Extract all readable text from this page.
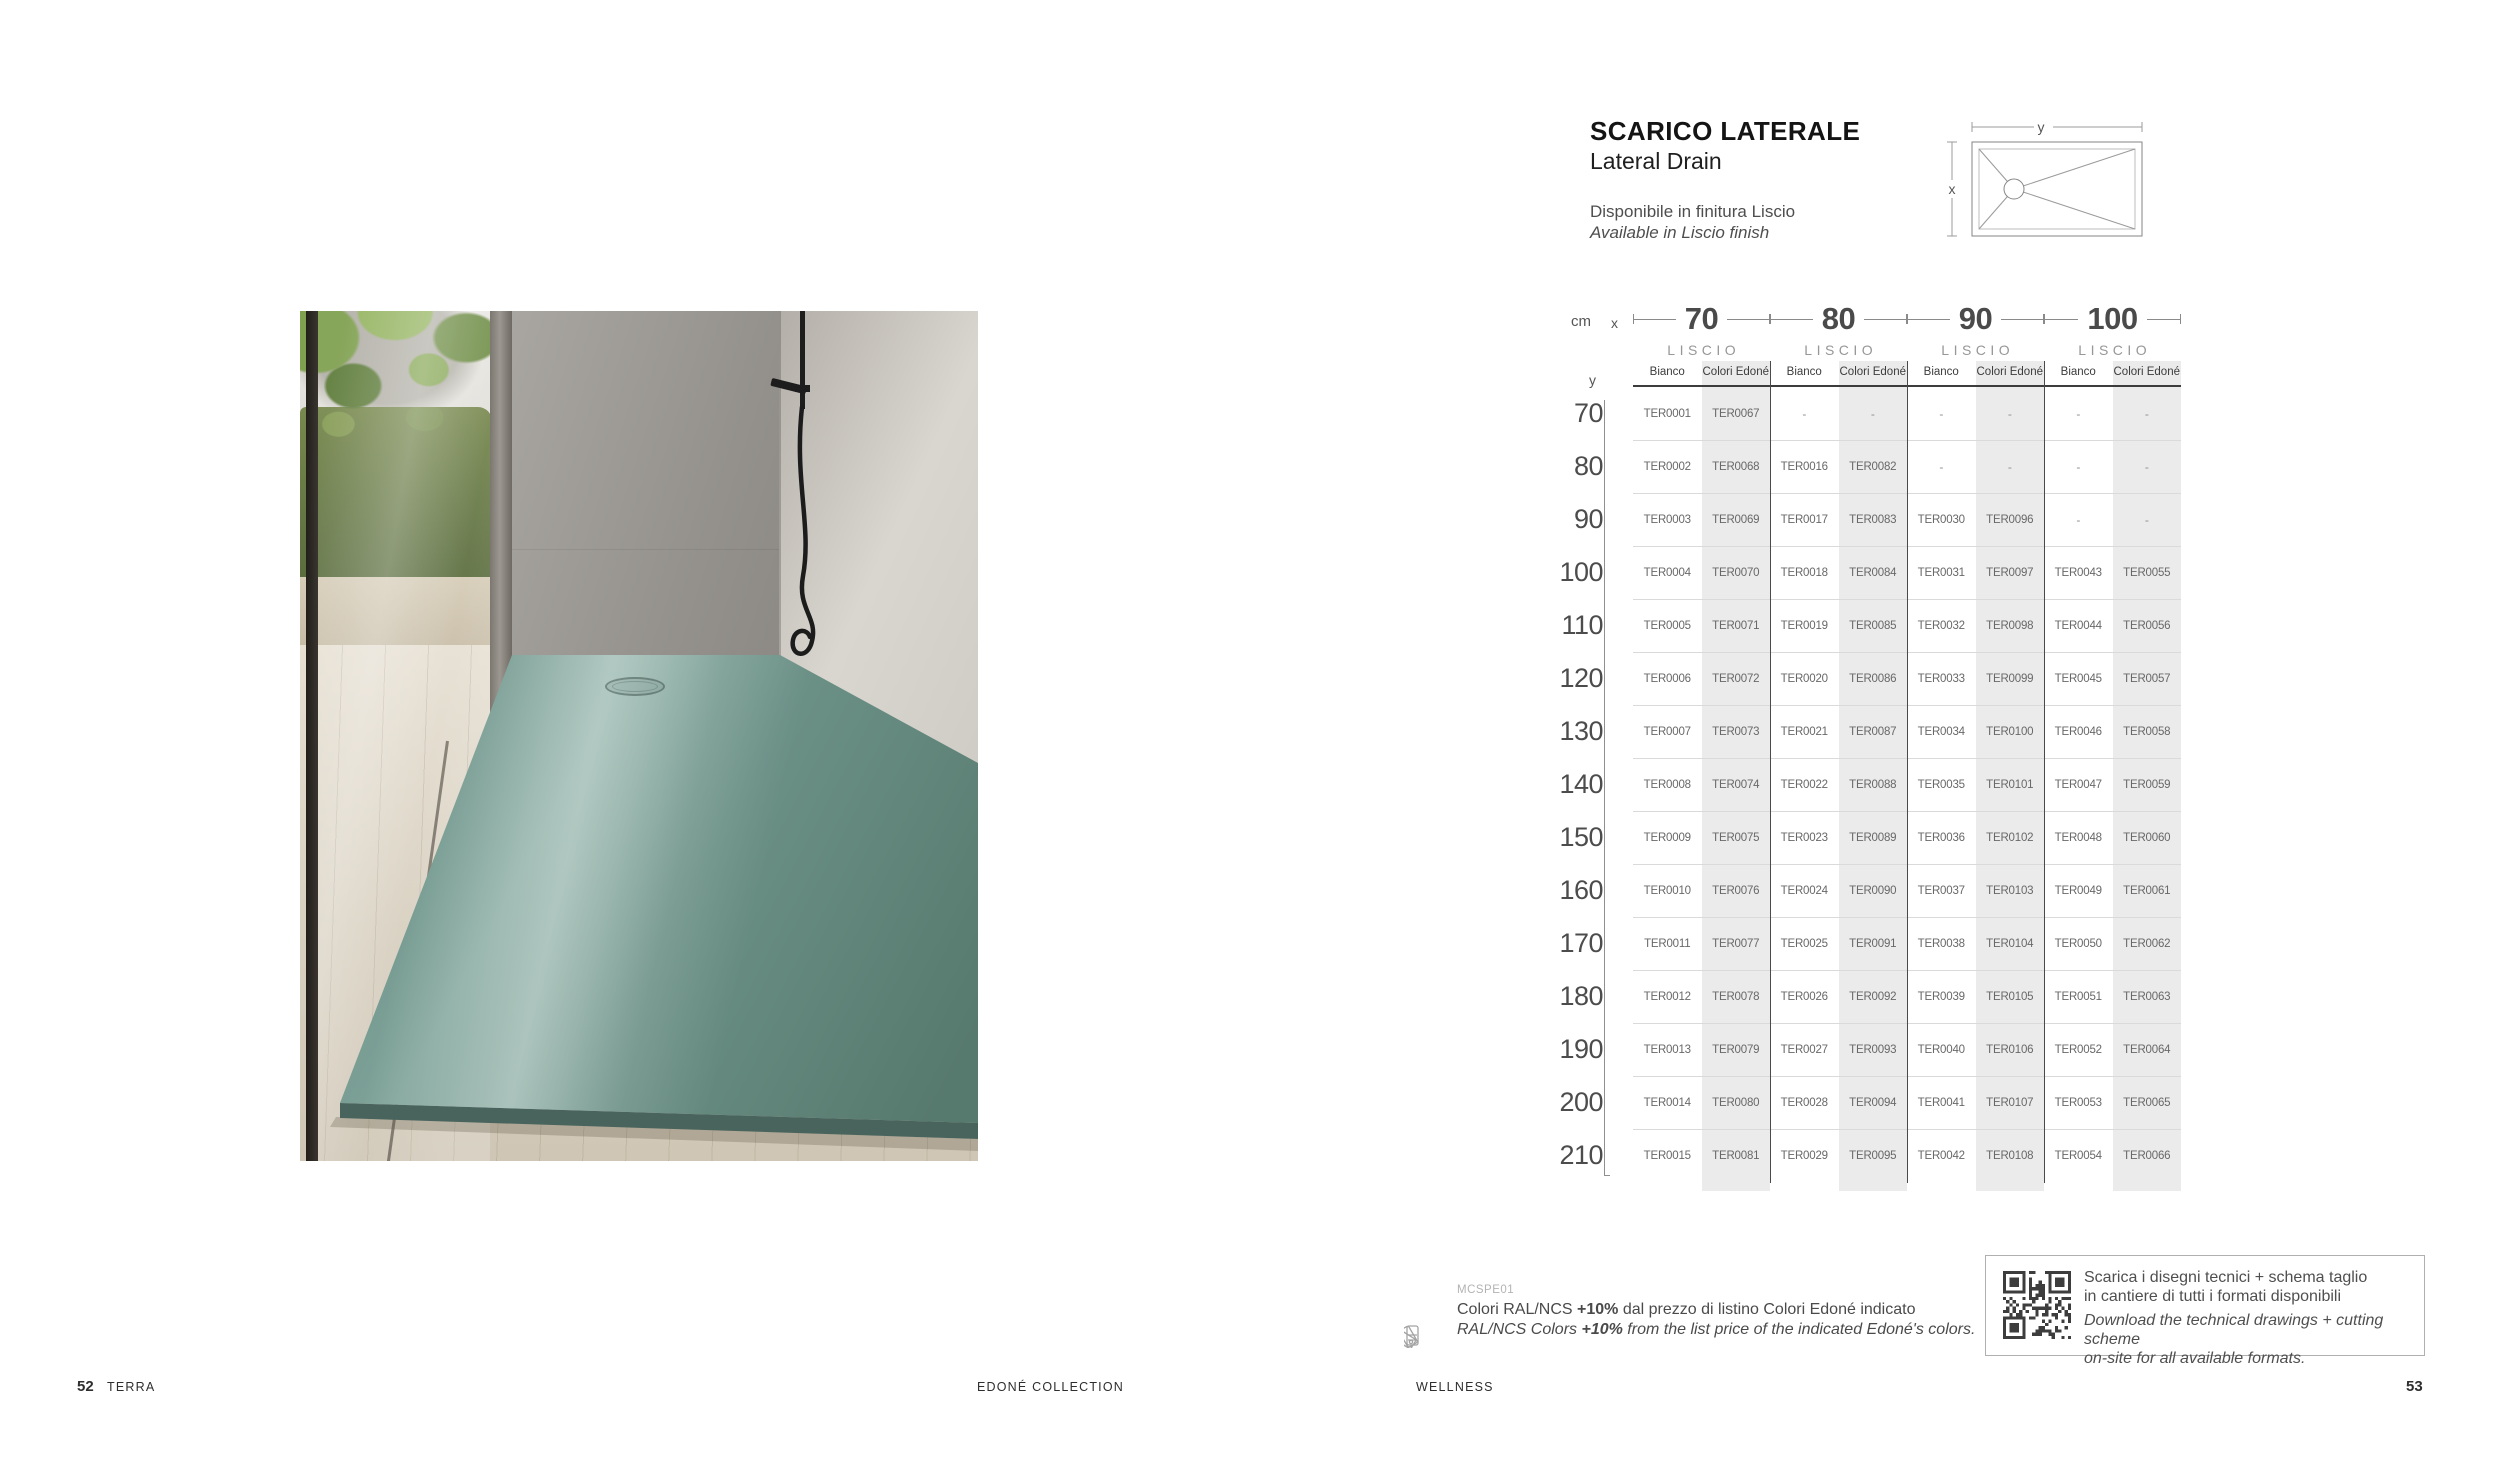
SCARICO LATERALE
Lateral Drain
Disponibile in finitura Liscio
Available in Liscio finish
y
x
cm x
y
70	80	90	100
LISCIO	LISCIO	LISCIO	LISCIO
Bianco	Colori Edoné	Bianco	Colori Edoné	Bianco	Colori Edoné	Bianco	Colori Edoné
70	TER0001	TER0067	-	-	-	-	-	-
80	TER0002	TER0068	TER0016	TER0082	-	-	-	-
90	TER0003	TER0069	TER0017	TER0083	TER0030	TER0096	-	-
100	TER0004	TER0070	TER0018	TER0084	TER0031	TER0097	TER0043	TER0055
110	TER0005	TER0071	TER0019	TER0085	TER0032	TER0098	TER0044	TER0056
120	TER0006	TER0072	TER0020	TER0086	TER0033	TER0099	TER0045	TER0057
130	TER0007	TER0073	TER0021	TER0087	TER0034	TER0100	TER0046	TER0058
140	TER0008	TER0074	TER0022	TER0088	TER0035	TER0101	TER0047	TER0059
150	TER0009	TER0075	TER0023	TER0089	TER0036	TER0102	TER0048	TER0060
160	TER0010	TER0076	TER0024	TER0090	TER0037	TER0103	TER0049	TER0061
170	TER0011	TER0077	TER0025	TER0091	TER0038	TER0104	TER0050	TER0062
180	TER0012	TER0078	TER0026	TER0092	TER0039	TER0105	TER0051	TER0063
190	TER0013	TER0079	TER0027	TER0093	TER0040	TER0106	TER0052	TER0064
200	TER0014	TER0080	TER0028	TER0094	TER0041	TER0107	TER0053	TER0065
210	TER0015	TER0081	TER0029	TER0095	TER0042	TER0108	TER0054	TER0066
MCSPE01
Colori RAL/NCS +10% dal prezzo di listino Colori Edoné indicato
RAL/NCS Colors +10% from the list price of the indicated Edoné's colors.
Scarica i disegni tecnici + schema taglio
in cantiere di tutti i formati disponibili
Download the technical drawings + cutting scheme
on-site for all available formats.
52 TERRA	EDONÉ COLLECTION	WELLNESS	53
